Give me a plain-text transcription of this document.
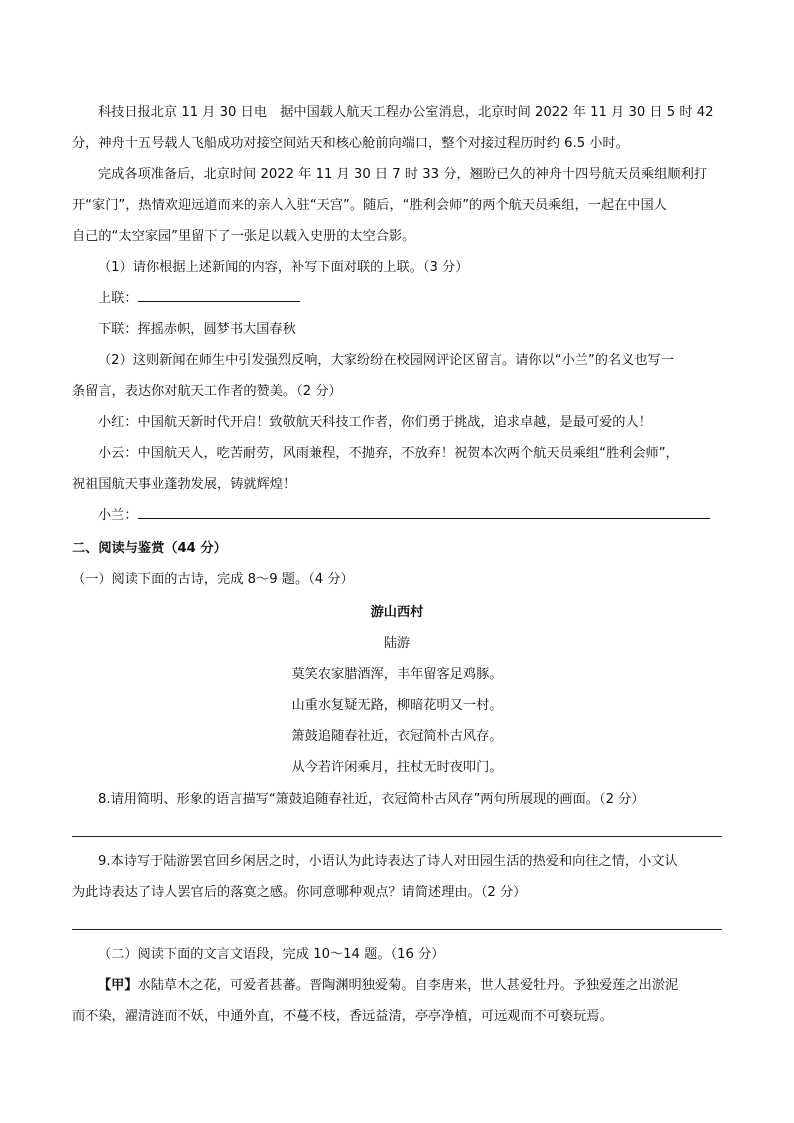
科技日报北京 11 月 30 日电　据中国载人航天工程办公室消息，北京时间 2022 年 11 月 30 日 5 时 42

分，神舟十五号载人飞船成功对接空间站天和核心舱前向端口，整个对接过程历时约 6.5 小时。

完成各项准备后，北京时间 2022 年 11 月 30 日 7 时 33 分，翘盼已久的神舟十四号航天员乘组顺利打

开“家门”，热情欢迎远道而来的亲人入驻“天宫”。随后，“胜利会师”的两个航天员乘组，一起在中国人

自己的“太空家园”里留下了一张足以载入史册的太空合影。

（1）请你根据上述新闻的内容，补写下面对联的上联。（3 分）

上联：

下联：挥摇赤帜，圆梦书大国春秋

（2）这则新闻在师生中引发强烈反响，大家纷纷在校园网评论区留言。请你以“小兰”的名义也写一

条留言，表达你对航天工作者的赞美。（2 分）

小红：中国航天新时代开启！致敬航天科技工作者，你们勇于挑战，追求卓越，是最可爱的人！

小云：中国航天人，吃苦耐劳，风雨兼程，不抛弃，不放弃！祝贺本次两个航天员乘组“胜利会师”，

祝祖国航天事业蓬勃发展，铸就辉煌！

小兰：

二、阅读与鉴赏（44 分）

（一）阅读下面的古诗，完成 8～9 题。（4 分）

游山西村

陆游

莫笑农家腊酒浑，丰年留客足鸡豚。

山重水复疑无路，柳暗花明又一村。

箫鼓追随春社近，衣冠简朴古风存。

从今若许闲乘月，拄杖无时夜叩门。

8.请用简明、形象的语言描写“箫鼓追随春社近，衣冠简朴古风存”两句所展现的画面。（2 分）

9.本诗写于陆游罢官回乡闲居之时，小语认为此诗表达了诗人对田园生活的热爱和向往之情，小文认

为此诗表达了诗人罢官后的落寞之感。你同意哪种观点？请简述理由。（2 分）

（二）阅读下面的文言文语段，完成 10～14 题。（16 分）

【甲】水陆草木之花，可爱者甚蕃。晋陶渊明独爱菊。自李唐来，世人甚爱牡丹。予独爱莲之出淤泥

而不染，濯清涟而不妖，中通外直，不蔓不枝，香远益清，亭亭净植，可远观而不可亵玩焉。
